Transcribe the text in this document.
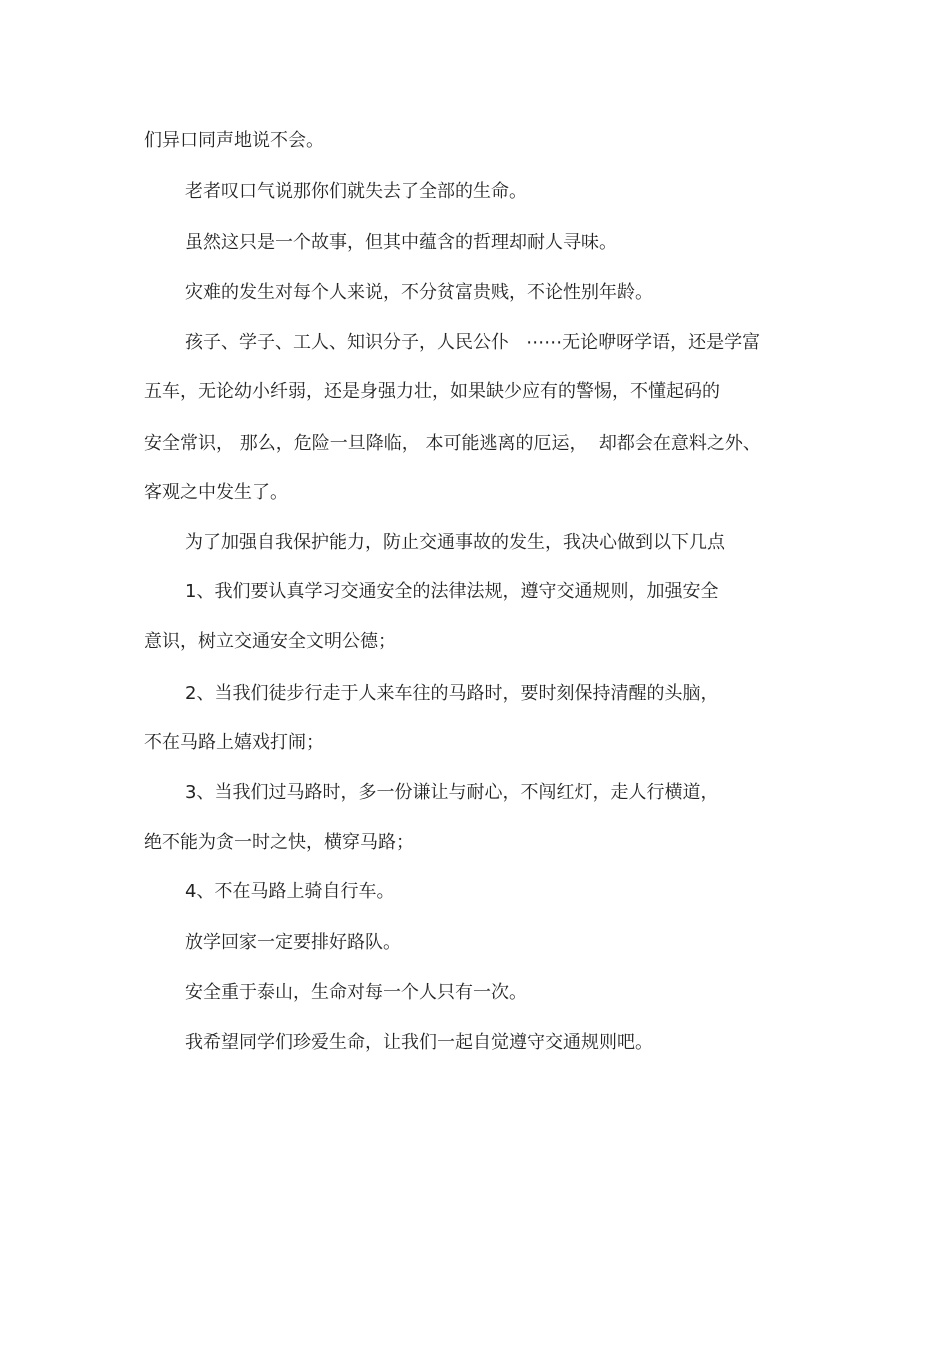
们异口同声地说不会。
老者叹口气说那你们就失去了全部的生命。
虽然这只是一个故事，但其中蕴含的哲理却耐人寻味。
灾难的发生对每个人来说，不分贫富贵贱，不论性别年龄。
孩子、学子、工人、知识分子，人民公仆   ⋯⋯无论咿呀学语，还是学富
五车，无论幼小纤弱，还是身强力壮，如果缺少应有的警惕，不懂起码的
安全常识， 那么，危险一旦降临， 本可能逃离的厄运，  却都会在意料之外、
客观之中发生了。
为了加强自我保护能力，防止交通事故的发生，我决心做到以下几点
1、我们要认真学习交通安全的法律法规，遵守交通规则，加强安全
意识，树立交通安全文明公德；
2、当我们徒步行走于人来车往的马路时，要时刻保持清醒的头脑，
不在马路上嬉戏打闹；
3、当我们过马路时，多一份谦让与耐心，不闯红灯，走人行横道，
绝不能为贪一时之快，横穿马路；
4、不在马路上骑自行车。
放学回家一定要排好路队。
安全重于泰山，生命对每一个人只有一次。
我希望同学们珍爱生命，让我们一起自觉遵守交通规则吧。
